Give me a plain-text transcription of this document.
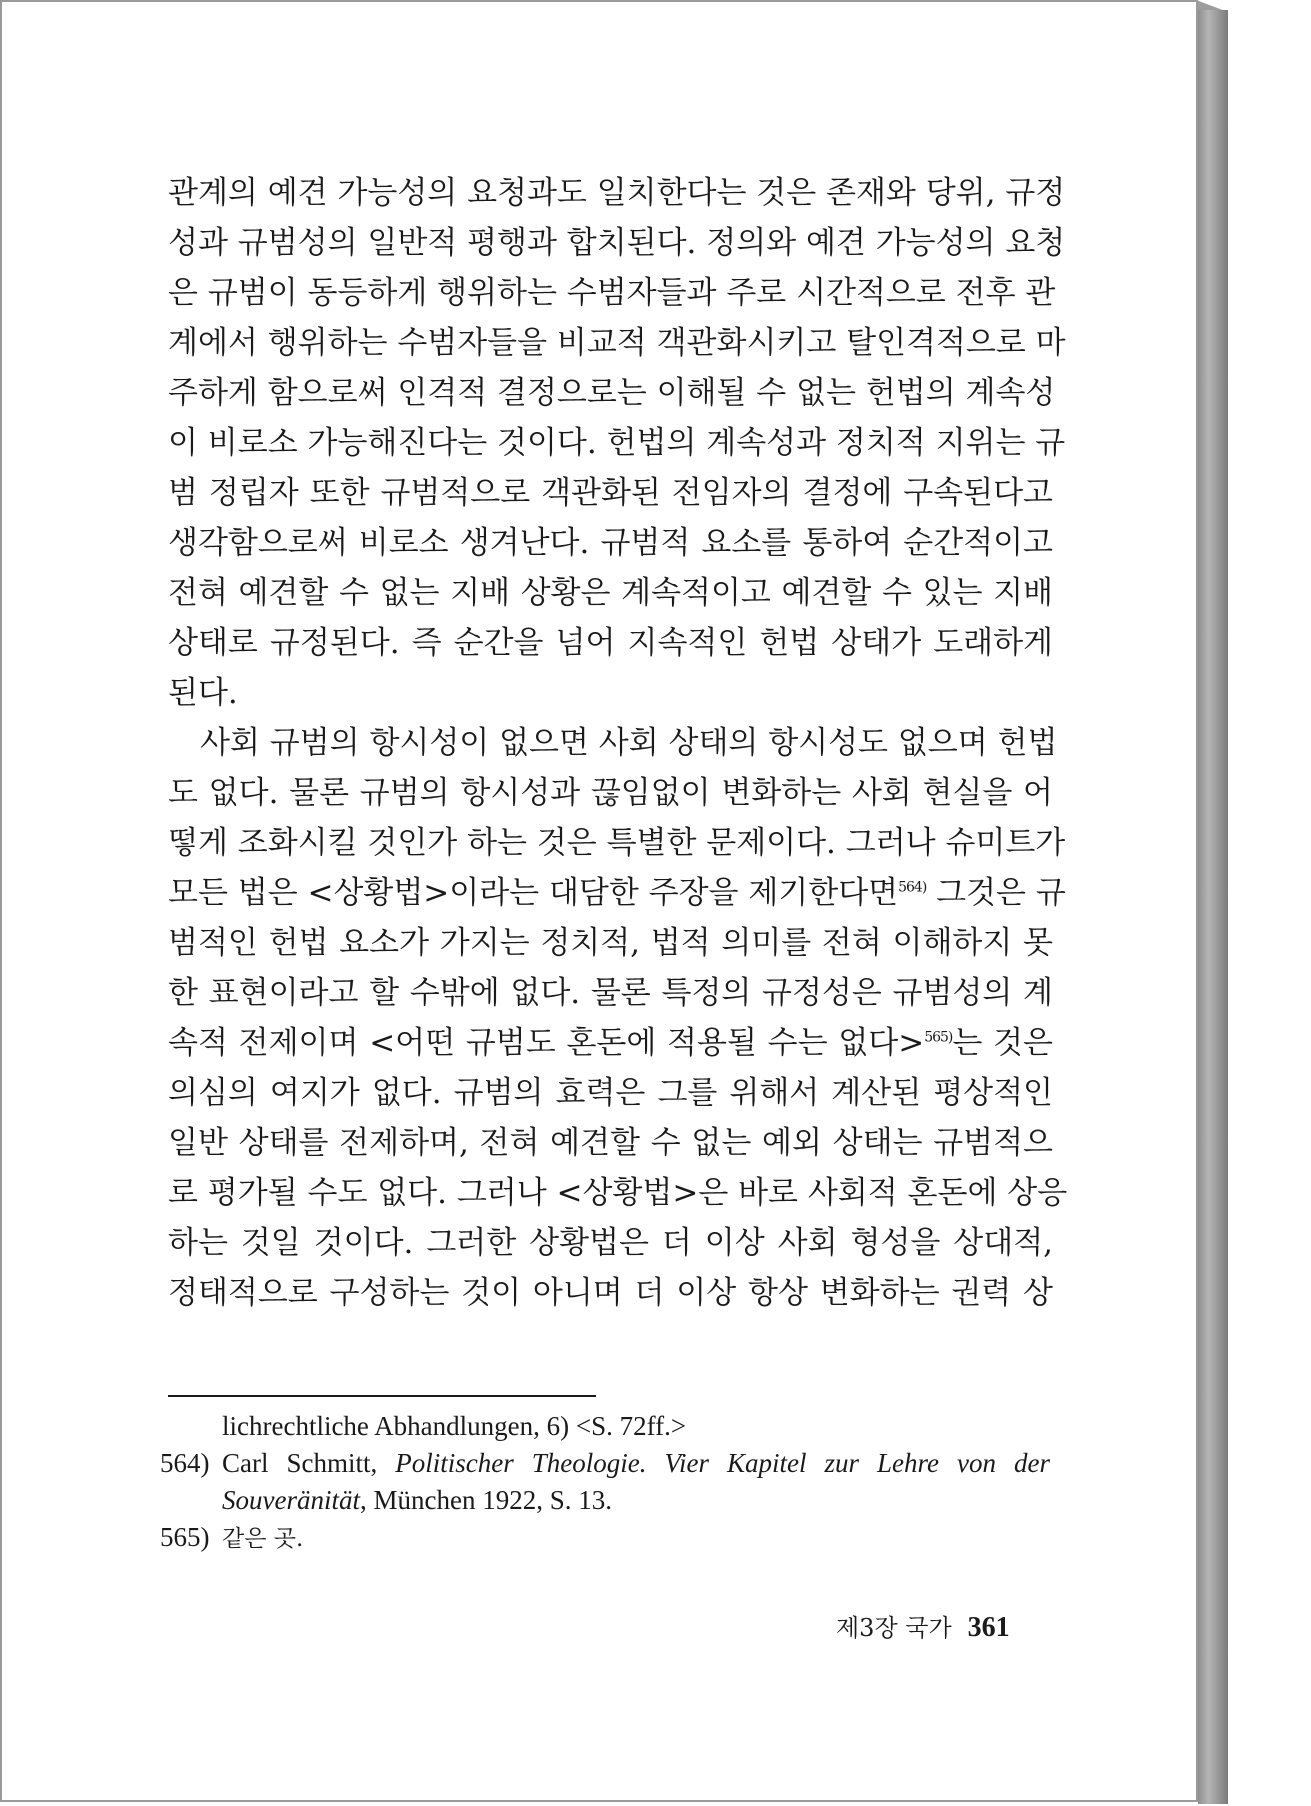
관계의 예견 가능성의 요청과도 일치한다는 것은 존재와 당위, 규정
성과 규범성의 일반적 평행과 합치된다. 정의와 예견 가능성의 요청
은 규범이 동등하게 행위하는 수범자들과 주로 시간적으로 전후 관
계에서 행위하는 수범자들을 비교적 객관화시키고 탈인격적으로 마
주하게 함으로써 인격적 결정으로는 이해될 수 없는 헌법의 계속성
이 비로소 가능해진다는 것이다. 헌법의 계속성과 정치적 지위는 규
범 정립자 또한 규범적으로 객관화된 전임자의 결정에 구속된다고
생각함으로써 비로소 생겨난다. 규범적 요소를 통하여 순간적이고
전혀 예견할 수 없는 지배 상황은 계속적이고 예견할 수 있는 지배
상태로 규정된다. 즉 순간을 넘어 지속적인 헌법 상태가 도래하게
된다.
사회 규범의 항시성이 없으면 사회 상태의 항시성도 없으며 헌법
도 없다. 물론 규범의 항시성과 끊임없이 변화하는 사회 현실을 어
떻게 조화시킬 것인가 하는 것은 특별한 문제이다. 그러나 슈미트가
모든 법은 <상황법>이라는 대담한 주장을 제기한다면$^{564)}$ 그것은 규
범적인 헌법 요소가 가지는 정치적, 법적 의미를 전혀 이해하지 못
한 표현이라고 할 수밖에 없다. 물론 특정의 규정성은 규범성의 계
속적 전제이며 <어떤 규범도 혼돈에 적용될 수는 없다>$^{565)}$는 것은
의심의 여지가 없다. 규범의 효력은 그를 위해서 계산된 평상적인
일반 상태를 전제하며, 전혀 예견할 수 없는 예외 상태는 규범적으
로 평가될 수도 없다. 그러나 <상황법>은 바로 사회적 혼돈에 상응
하는 것일 것이다. 그러한 상황법은 더 이상 사회 형성을 상대적,
정태적으로 구성하는 것이 아니며 더 이상 항상 변화하는 권력 상
lichrechtliche Abhandlungen, 6) <S. 72ff.>
564) Carl Schmitt, Politischer Theologie. Vier Kapitel zur Lehre von der
Souveränität, München 1922, S. 13.
565) 같은 곳.
제3장 국가 361
